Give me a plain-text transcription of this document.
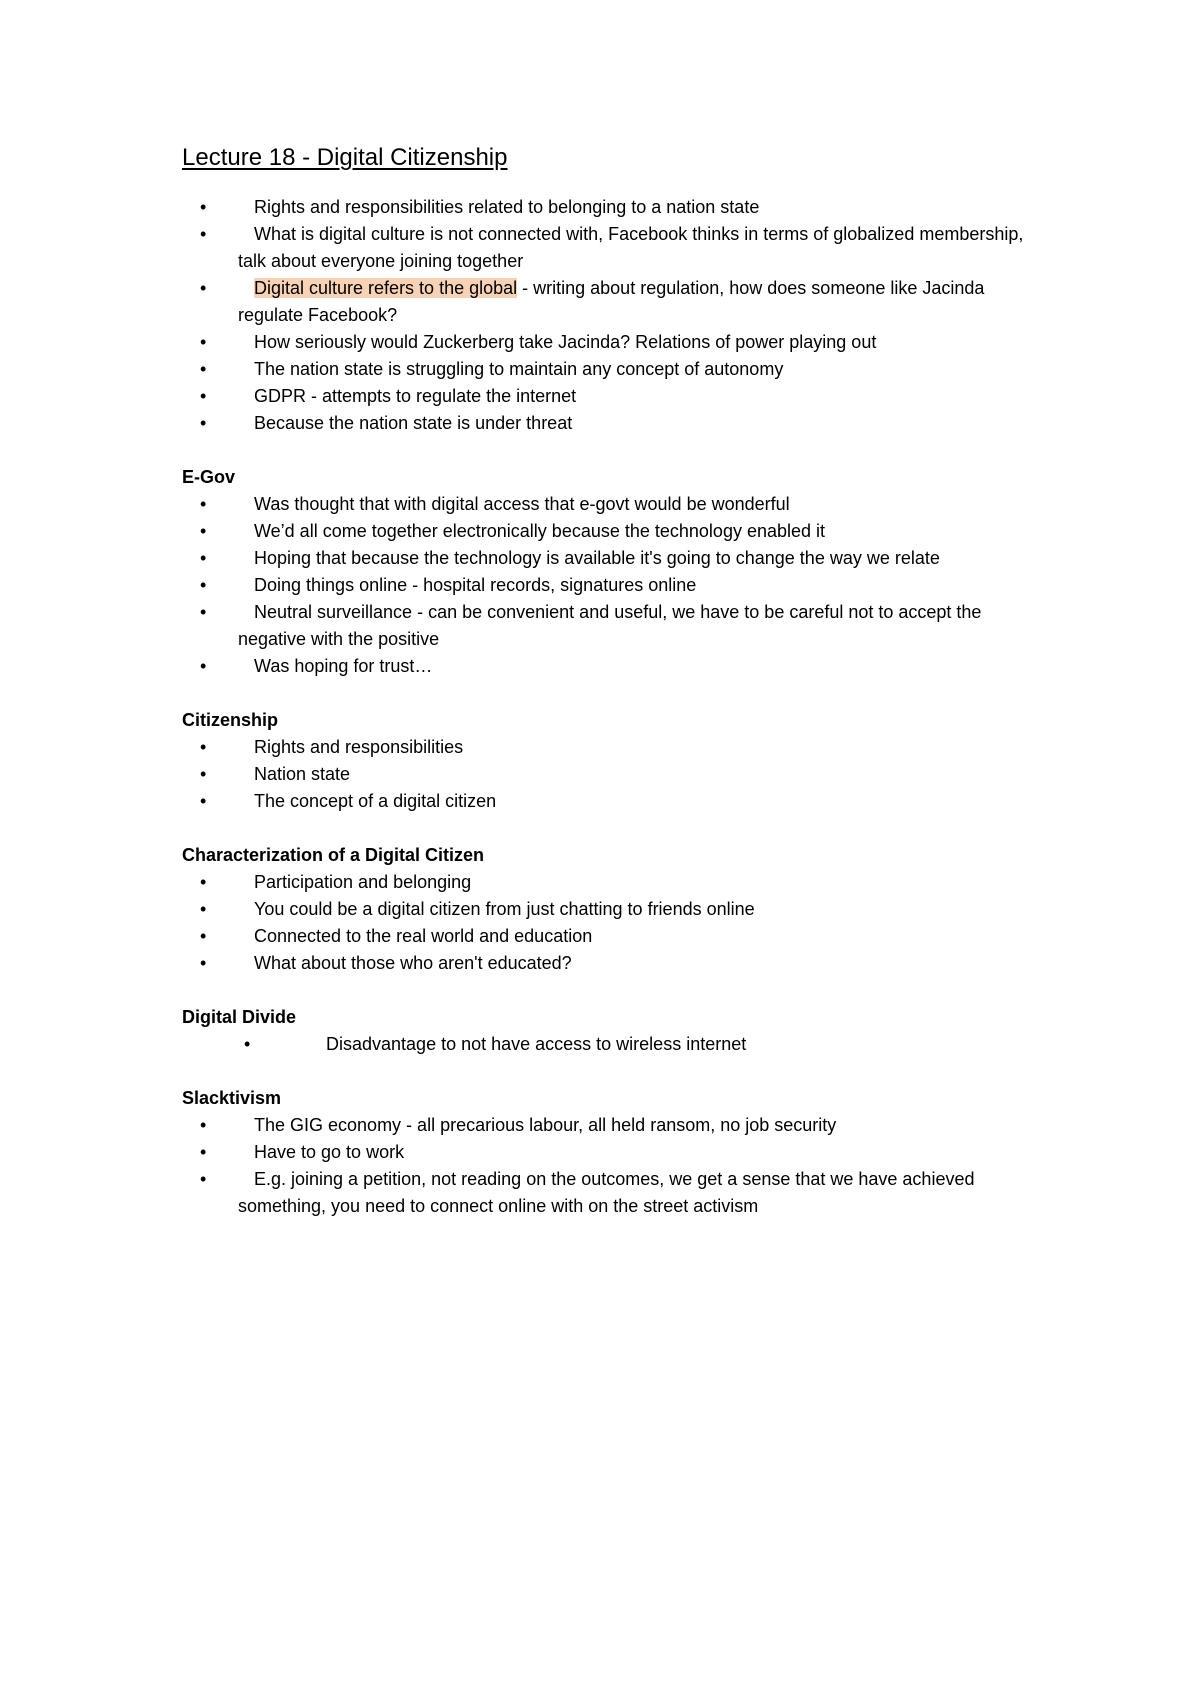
Lecture 18 - Digital Citizenship
•	Rights and responsibilities related to belonging to a nation state
•	What is digital culture is not connected with, Facebook thinks in terms of globalized membership, talk about everyone joining together
•	Digital culture refers to the global - writing about regulation, how does someone like Jacinda regulate Facebook?
•	How seriously would Zuckerberg take Jacinda? Relations of power playing out
•	The nation state is struggling to maintain any concept of autonomy
•	GDPR - attempts to regulate the internet
•	Because the nation state is under threat
E-Gov
•	Was thought that with digital access that e-govt would be wonderful
•	We’d all come together electronically because the technology enabled it
•	Hoping that because the technology is available it's going to change the way we relate
•	Doing things online - hospital records, signatures online
•	Neutral surveillance - can be convenient and useful, we have to be careful not to accept the negative with the positive
•	Was hoping for trust…
Citizenship
•	Rights and responsibilities
•	Nation state
•	The concept of a digital citizen
Characterization of a Digital Citizen
•	Participation and belonging
•	You could be a digital citizen from just chatting to friends online
•	Connected to the real world and education
•	What about those who aren't educated?
Digital Divide
•	Disadvantage to not have access to wireless internet
Slacktivism
•	The GIG economy - all precarious labour, all held ransom, no job security
•	Have to go to work
•	E.g. joining a petition, not reading on the outcomes, we get a sense that we have achieved something, you need to connect online with on the street activism
